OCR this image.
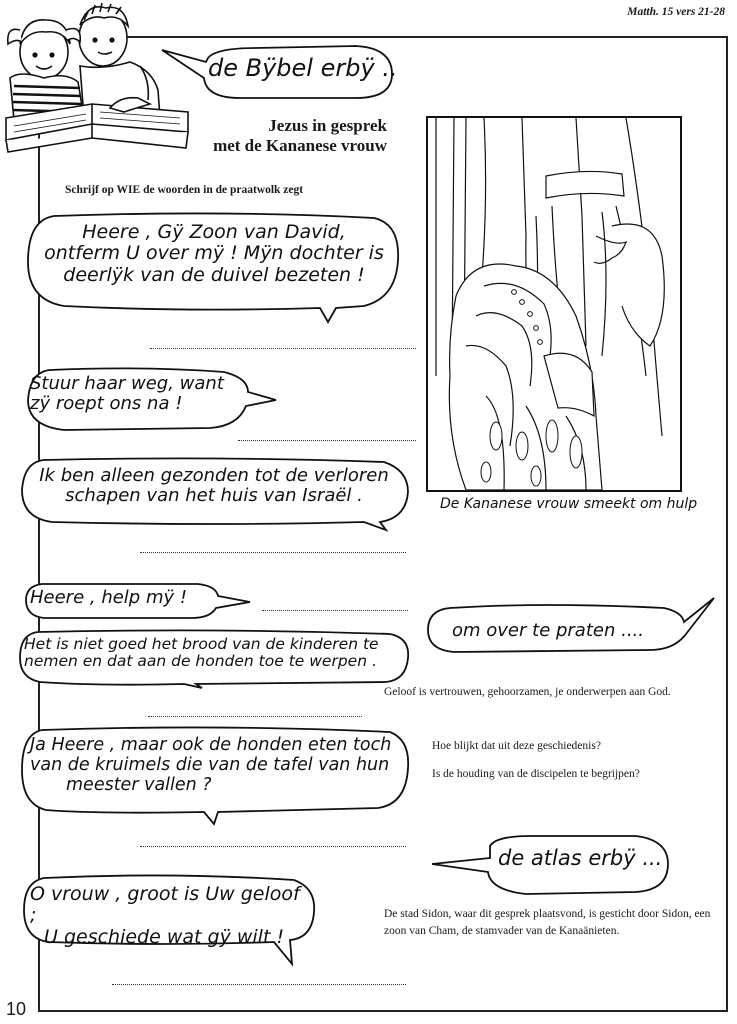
Matth. 15 vers 21-28
de Bÿbel erbÿ ..
Jezus in gesprek
met de Kananese vrouw
Schrijf op WIE de woorden in de praatwolk zegt
Heere , Gÿ Zoon van David,
ontferm U over mÿ ! Mÿn dochter is
deerlÿk van de duivel bezeten !
Stuur haar weg, want
zÿ roept ons na !
Ik ben alleen gezonden tot de verloren
schapen van het huis van Israël .	De Kananese vrouw smeekt om hulp
Heere , help mÿ !
Het is niet goed het brood van de kinderen te
nemen en dat aan de honden toe te werpen .
om over te praten ....
Geloof is vertrouwen, gehoorzamen, je onderwerpen aan God.
Hoe blijkt dat uit deze geschiedenis?
Is de houding van de discipelen te begrijpen?
Ja Heere , maar ook de honden eten toch
van de kruimels die van de tafel van hun
meester vallen ?
de atlas erbÿ ...
De stad Sidon, waar dit gesprek plaatsvond, is gesticht door Sidon, een zoon van Cham, de stamvader van de Kanaänieten.
O vrouw , groot is Uw geloof ;
U geschiede wat gÿ wilt !
10
